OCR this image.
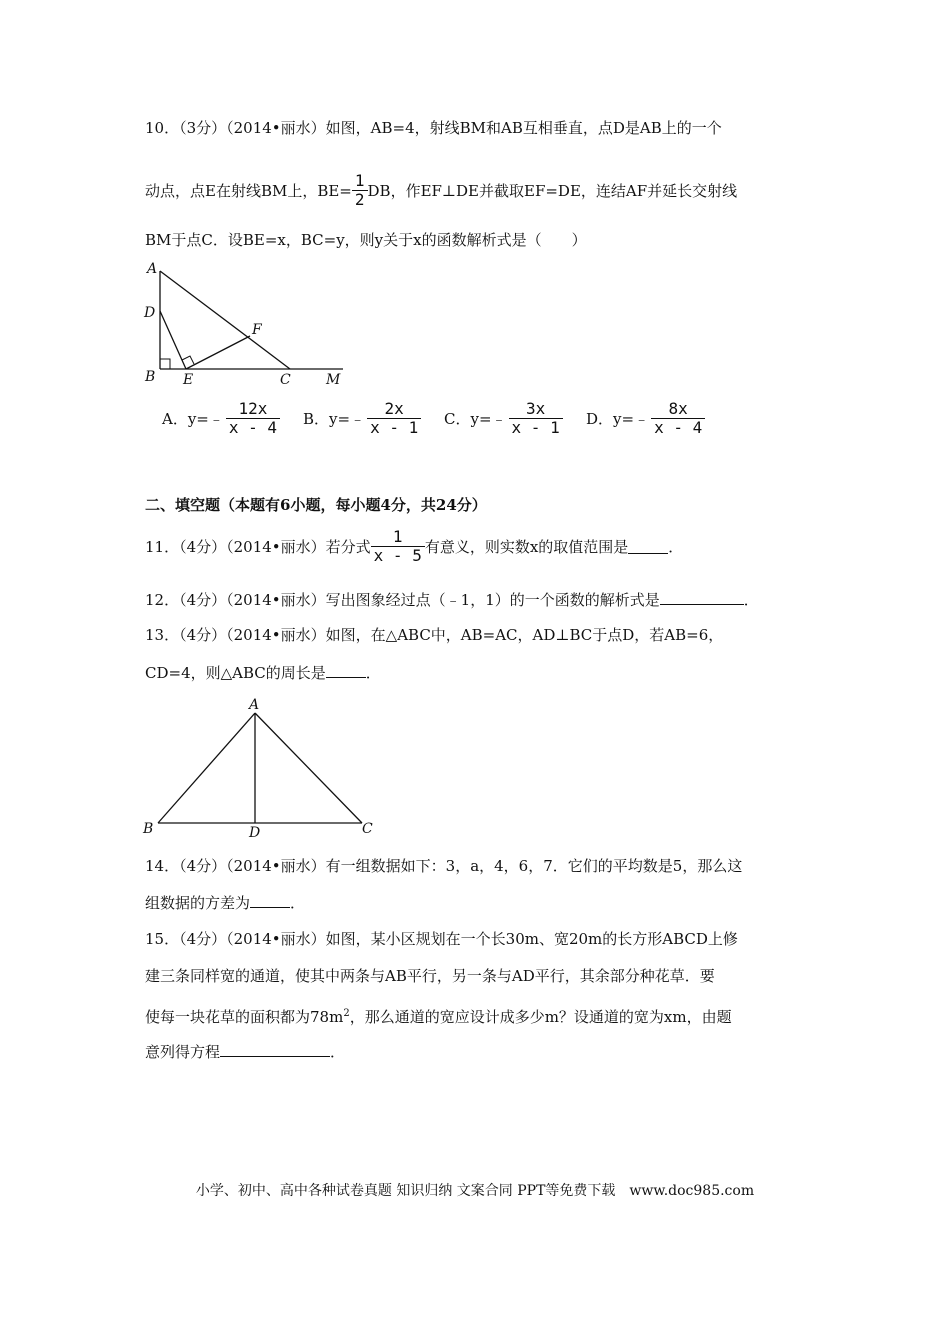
10．（3分）（2014•丽水）如图，AB=4，射线BM和AB互相垂直，点D是AB上的一个
动点，点E在射线BM上，$BE= \frac{1}{2}$ DB，作EF⊥DE并截取EF=DE，连结AF并延长交射线
BM于点C．设BE=x，BC=y，则y关于x的函数解析式是（　　）
A
D
F
B E	C	M
A．y=﹣ $\frac{12x}{x - 4}$ B．y=﹣ $\frac{2x}{x - 1}$ C．y=﹣ $\frac{3x}{x - 1}$ D．y=﹣ $\frac{8x}{x - 4}$
二、填空题（本题有6小题，每小题4分，共24分）
11．（4分）（2014•丽水）若分式 $\frac{1}{x - 5}$ 有意义，则实数x的取值范围是	．
12．（4分）（2014•丽水）写出图象经过点（﹣1，1）的一个函数的解析式是	．
13．（4分）（2014•丽水）如图，在△ABC中，AB=AC，AD⊥BC于点D，若AB=6，
CD=4，则△ABC的周长是	．
A
B	D	C
14．（4分）（2014•丽水）有一组数据如下：3，a，4，6，7．它们的平均数是5，那么这
组数据的方差为	．
15．（4分）（2014•丽水）如图，某小区规划在一个长30m、宽20m的长方形ABCD上修
建三条同样宽的通道，使其中两条与AB平行，另一条与AD平行，其余部分种花草．要
使每一块花草的面积都为$78m^2$，那么通道的宽应设计成多少m？设通道的宽为xm，由题
意列得方程	．
小学、初中、高中各种试卷真题 知识归纳 文案合同 PPT等免费下载　www.doc985.com
